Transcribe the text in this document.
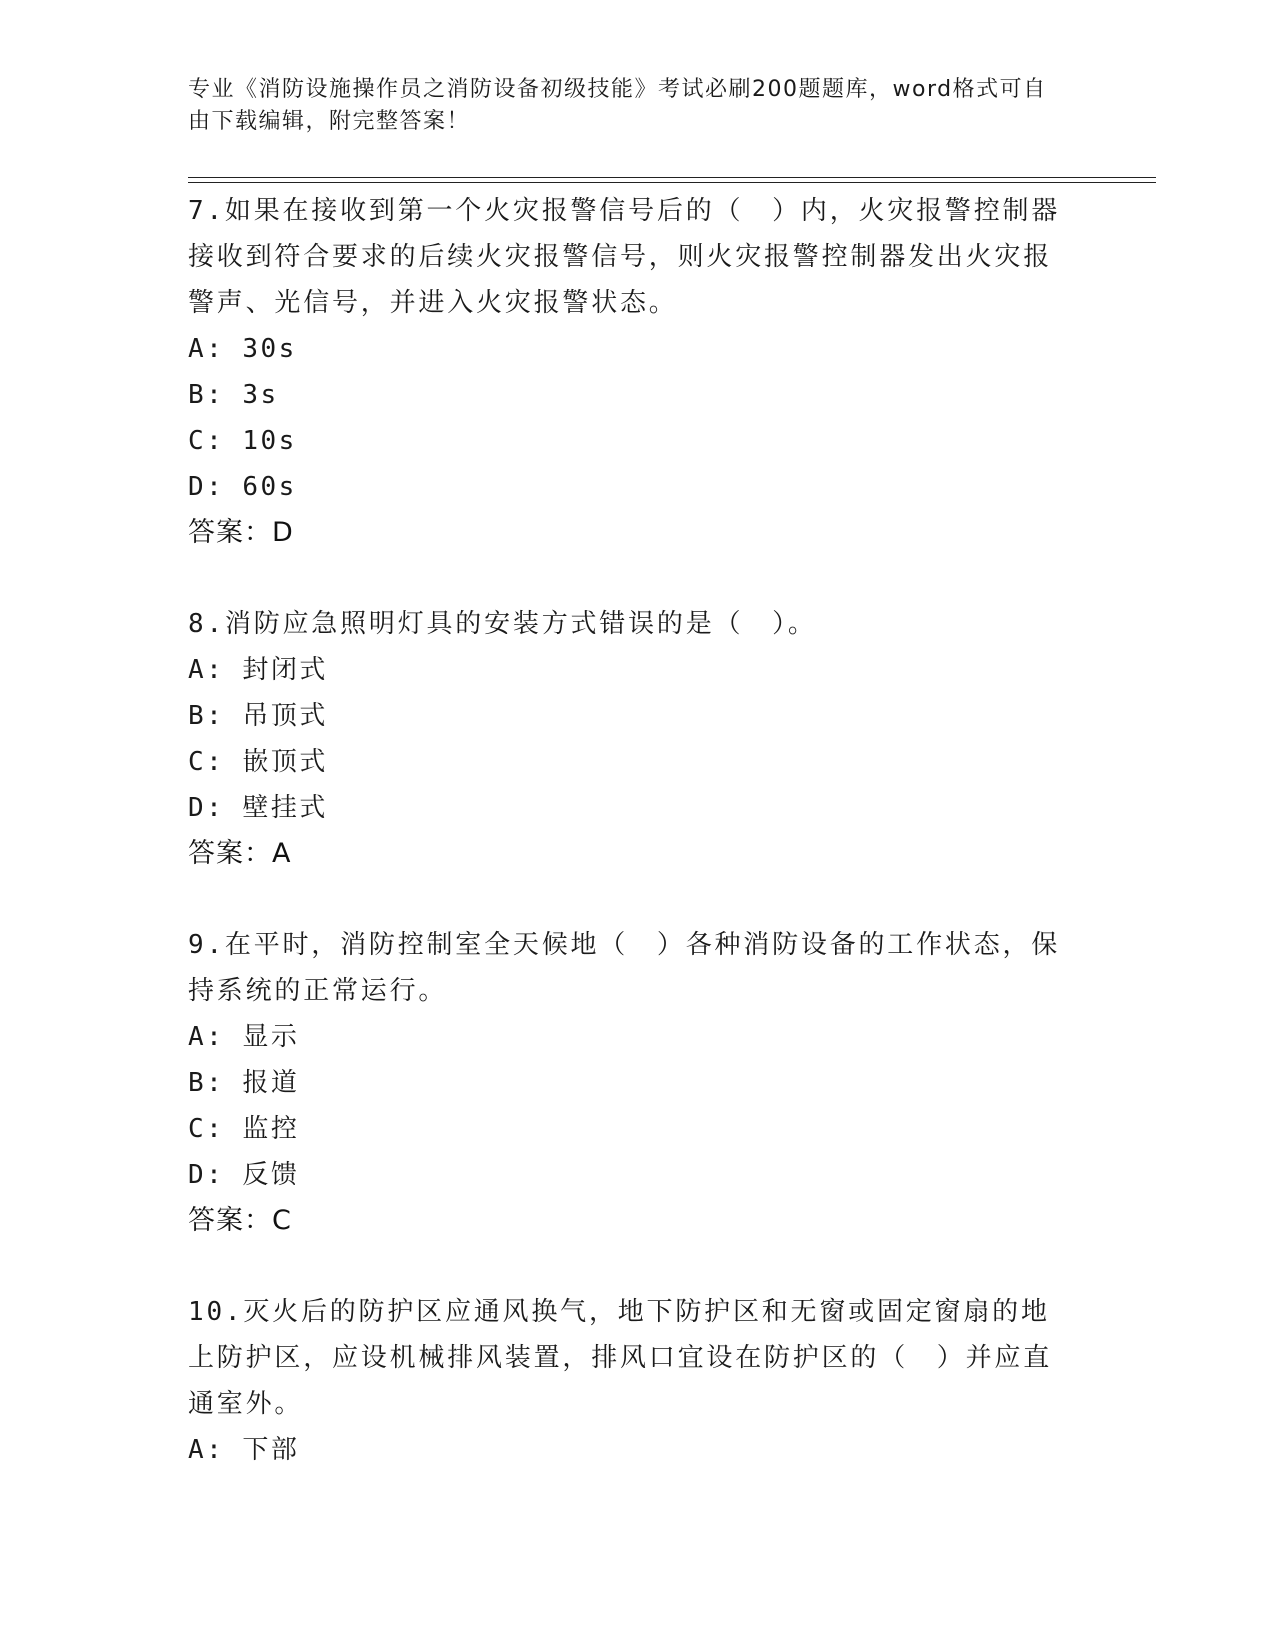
专业《消防设施操作员之消防设备初级技能》考试必刷200题题库，word格式可自由下载编辑，附完整答案！

7.如果在接收到第一个火灾报警信号后的（　）内，火灾报警控制器接收到符合要求的后续火灾报警信号，则火灾报警控制器发出火灾报警声、光信号，并进入火灾报警状态。

A: 30s
B: 3s
C: 10s
D: 60s
答案：D

8.消防应急照明灯具的安装方式错误的是（　）。

A: 封闭式
B: 吊顶式
C: 嵌顶式
D: 壁挂式
答案：A

9.在平时，消防控制室全天候地（　）各种消防设备的工作状态，保持系统的正常运行。

A: 显示
B: 报道
C: 监控
D: 反馈
答案：C

10.灭火后的防护区应通风换气，地下防护区和无窗或固定窗扇的地上防护区，应设机械排风装置，排风口宜设在防护区的（　）并应直通室外。

A: 下部
